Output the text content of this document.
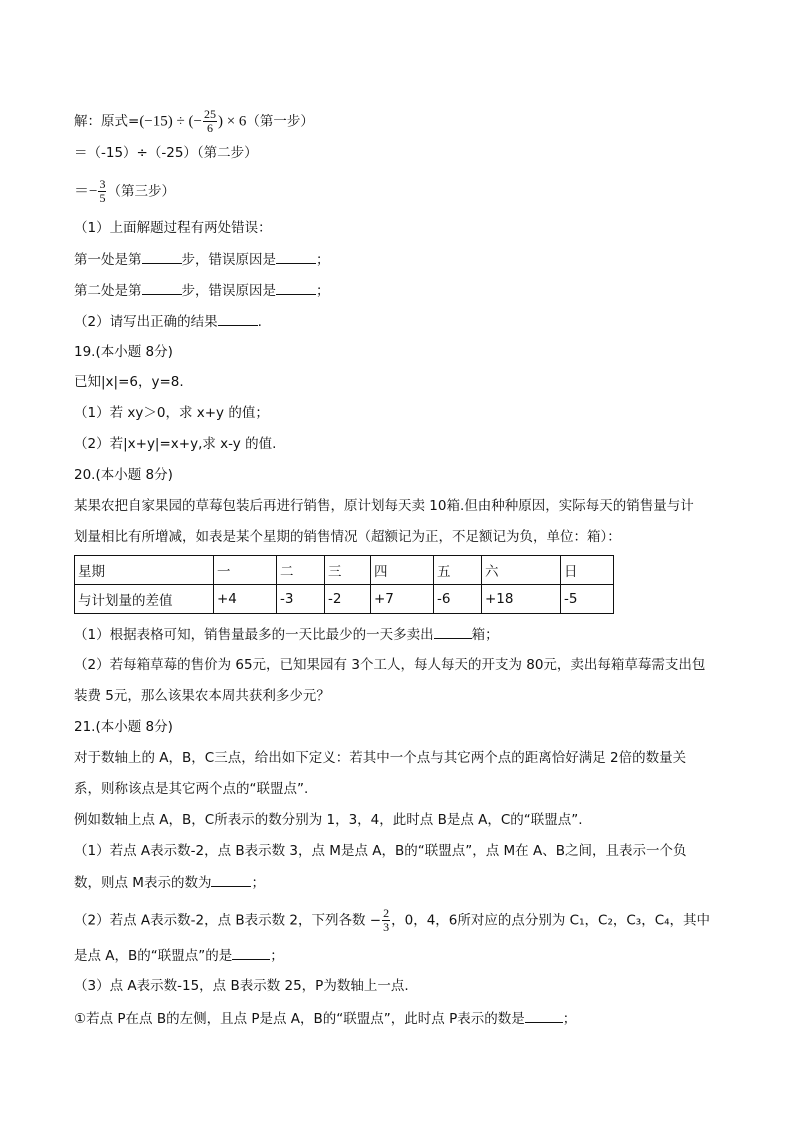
解：原式=(−15) ÷ (− $\frac{25}{6}$ ) × 6（第一步）
＝（-15）÷（-25）（第二步）
＝− $\frac{3}{5}$ （第三步）
（1）上面解题过程有两处错误：
第一处是第	步，错误原因是	；
第二处是第	步，错误原因是	；
（2）请写出正确的结果	.
19.(本小题 8分)
已知|x|=6，y=8.
（1）若 xy＞0，求 x+y 的值；
（2）若|x+y|=x+y,求 x-y 的值.
20.(本小题 8分)
某果农把自家果园的草莓包装后再进行销售，原计划每天卖 10箱.但由种种原因，实际每天的销售量与计
划量相比有所增减，如表是某个星期的销售情况（超额记为正，不足额记为负，单位：箱）：
星期	一	二	三	四	五	六	日
与计划量的差值	+4	-3	-2	+7	-6	+18	-5
（1）根据表格可知，销售量最多的一天比最少的一天多卖出	箱；
（2）若每箱草莓的售价为 65元，已知果园有 3个工人，每人每天的开支为 80元，卖出每箱草莓需支出包
装费 5元，那么该果农本周共获利多少元？
21.(本小题 8分)
对于数轴上的 A，B，C三点，给出如下定义：若其中一个点与其它两个点的距离恰好满足 2倍的数量关
系，则称该点是其它两个点的“联盟点”.
例如数轴上点 A，B，C所表示的数分别为 1，3，4，此时点 B是点 A，C的“联盟点”.
（1）若点 A表示数-2，点 B表示数 3，点 M是点 A，B的“联盟点”，点 M在 A、B之间，且表示一个负
数，则点 M表示的数为	；
（2）若点 A表示数-2，点 B表示数 2，下列各数 − $\frac{2}{3}$ ，0，4，6所对应的点分别为 C₁，C₂，C₃，C₄，其中
是点 A，B的“联盟点”的是	；
（3）点 A表示数-15，点 B表示数 25，P为数轴上一点.
①若点 P在点 B的左侧，且点 P是点 A，B的“联盟点”，此时点 P表示的数是	；
